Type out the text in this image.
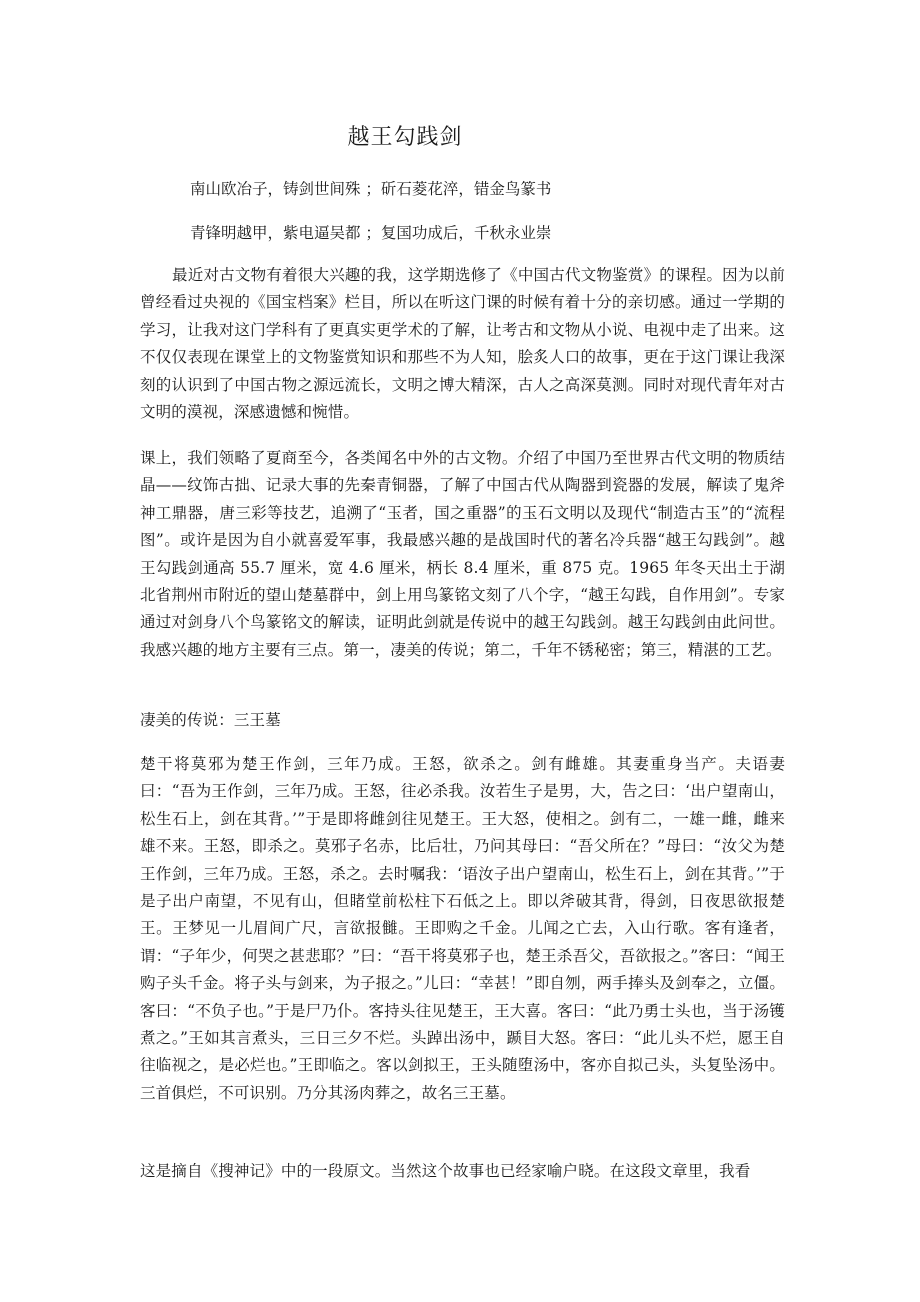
越王勾践剑

南山欧冶子，铸剑世间殊 ；斫石菱花淬，错金鸟篆书

青锋明越甲，紫电逼吴都 ；复国功成后，千秋永业崇

最近对古文物有着很大兴趣的我，这学期选修了《中国古代文物鉴赏》的课程。因为以前曾经看过央视的《国宝档案》栏目，所以在听这门课的时候有着十分的亲切感。通过一学期的学习，让我对这门学科有了更真实更学术的了解，让考古和文物从小说、电视中走了出来。这不仅仅表现在课堂上的文物鉴赏知识和那些不为人知，脍炙人口的故事，更在于这门课让我深刻的认识到了中国古物之源远流长，文明之博大精深，古人之高深莫测。同时对现代青年对古文明的漠视，深感遗憾和惋惜。

课上，我们领略了夏商至今，各类闻名中外的古文物。介绍了中国乃至世界古代文明的物质结晶——纹饰古拙、记录大事的先秦青铜器，了解了中国古代从陶器到瓷器的发展，解读了鬼斧神工鼎器，唐三彩等技艺，追溯了“玉者，国之重器”的玉石文明以及现代“制造古玉”的“流程图”。或许是因为自小就喜爱军事，我最感兴趣的是战国时代的著名冷兵器“越王勾践剑”。越王勾践剑通高 55.7 厘米，宽 4.6 厘米，柄长 8.4 厘米，重 875 克。1965 年冬天出土于湖北省荆州市附近的望山楚墓群中，剑上用鸟篆铭文刻了八个字，“越王勾践，自作用剑”。专家通过对剑身八个鸟篆铭文的解读，证明此剑就是传说中的越王勾践剑。越王勾践剑由此问世。我感兴趣的地方主要有三点。第一，凄美的传说；第二，千年不锈秘密；第三，精湛的工艺。

凄美的传说：三王墓

楚干将莫邪为楚王作剑，三年乃成。王怒，欲杀之。剑有雌雄。其妻重身当产。夫语妻曰：“吾为王作剑，三年乃成。王怒，往必杀我。汝若生子是男，大，告之曰：‘出户望南山，松生石上，剑在其背。’”于是即将雌剑往见楚王。王大怒，使相之。剑有二，一雄一雌，雌来雄不来。王怒，即杀之。莫邪子名赤，比后壮，乃问其母曰：“吾父所在？”母曰：“汝父为楚王作剑，三年乃成。王怒，杀之。去时嘱我：‘语汝子出户望南山，松生石上，剑在其背。’”于是子出户南望，不见有山，但睹堂前松柱下石低之上。即以斧破其背，得剑，日夜思欲报楚王。王梦见一儿眉间广尺，言欲报雠。王即购之千金。儿闻之亡去，入山行歌。客有逢者，谓：“子年少，何哭之甚悲耶？”曰：“吾干将莫邪子也，楚王杀吾父，吾欲报之。”客曰：“闻王购子头千金。将子头与剑来，为子报之。”儿曰：“幸甚！”即自刎，两手捧头及剑奉之，立僵。客曰：“不负子也。”于是尸乃仆。客持头往见楚王，王大喜。客曰：“此乃勇士头也，当于汤镬煮之。”王如其言煮头，三日三夕不烂。头踔出汤中，踬目大怒。客曰：“此儿头不烂，愿王自往临视之，是必烂也。”王即临之。客以剑拟王，王头随堕汤中，客亦自拟己头，头复坠汤中。三首俱烂，不可识别。乃分其汤肉葬之，故名三王墓。

这是摘自《搜神记》中的一段原文。当然这个故事也已经家喻户晓。在这段文章里，我看
